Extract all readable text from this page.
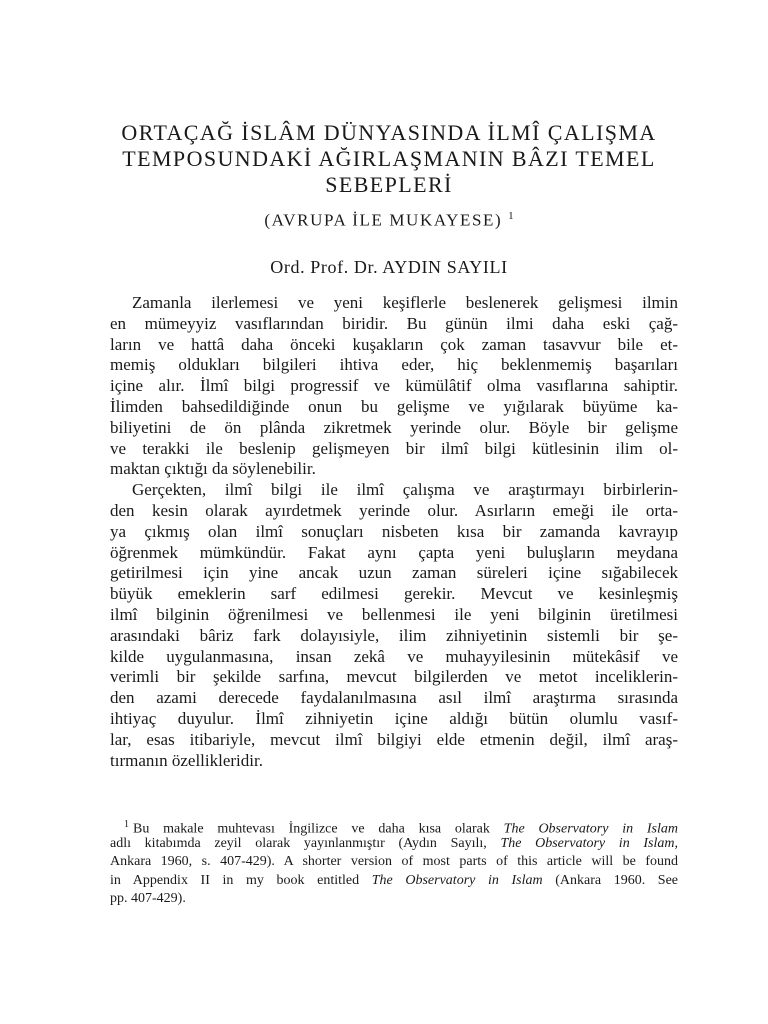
ORTAÇAĞ İSLÂM DÜNYASINDA İLMÎ ÇALIŞMA
TEMPOSUNDAKİ AĞIRLAŞMANIN BÂZI TEMEL
SEBEPLERİ

(AVRUPA İLE MUKAYESE) $^1$

Ord. Prof. Dr. AYDIN SAYILI

Zamanla ilerlemesi ve yeni keşiflerle beslenerek gelişmesi ilmin
en mümeyyiz vasıflarından biridir. Bu günün ilmi daha eski çağ-
ların ve hattâ daha önceki kuşakların çok zaman tasavvur bile et-
memiş oldukları bilgileri ihtiva eder, hiç beklenmemiş başarıları
içine alır. İlmî bilgi progressif ve kümülâtif olma vasıflarına sahiptir.
İlimden bahsedildiğinde onun bu gelişme ve yığılarak büyüme ka-
biliyetini de ön plânda zikretmek yerinde olur. Böyle bir gelişme
ve terakki ile beslenip gelişmeyen bir ilmî bilgi kütlesinin ilim ol-
maktan çıktığı da söylenebilir.
Gerçekten, ilmî bilgi ile ilmî çalışma ve araştırmayı birbirlerin-
den kesin olarak ayırdetmek yerinde olur. Asırların emeği ile orta-
ya çıkmış olan ilmî sonuçları nisbeten kısa bir zamanda kavrayıp
öğrenmek mümkündür. Fakat aynı çapta yeni buluşların meydana
getirilmesi için yine ancak uzun zaman süreleri içine sığabilecek
büyük emeklerin sarf edilmesi gerekir. Mevcut ve kesinleşmiş
ilmî bilginin öğrenilmesi ve bellenmesi ile yeni bilginin üretilmesi
arasındaki bâriz fark dolayısiyle, ilim zihniyetinin sistemli bir şe-
kilde uygulanmasına, insan zekâ ve muhayyilesinin mütekâsif ve
verimli bir şekilde sarfına, mevcut bilgilerden ve metot inceliklerin-
den azami derecede faydalanılmasına asıl ilmî araştırma sırasında
ihtiyaç duyulur. İlmî zihniyetin içine aldığı bütün olumlu vasıf-
lar, esas itibariyle, mevcut ilmî bilgiyi elde etmenin değil, ilmî araş-
tırmanın özellikleridir.
$^1$ Bu makale muhtevası İngilizce ve daha kısa olarak The Observatory in Islam
adlı kitabımda zeyil olarak yayınlanmıştır (Aydın Sayılı, The Observatory in Islam,
Ankara 1960, s. 407-429). A shorter version of most parts of this article will be found
in Appendix II in my book entitled The Observatory in Islam (Ankara 1960. See
pp. 407-429).
